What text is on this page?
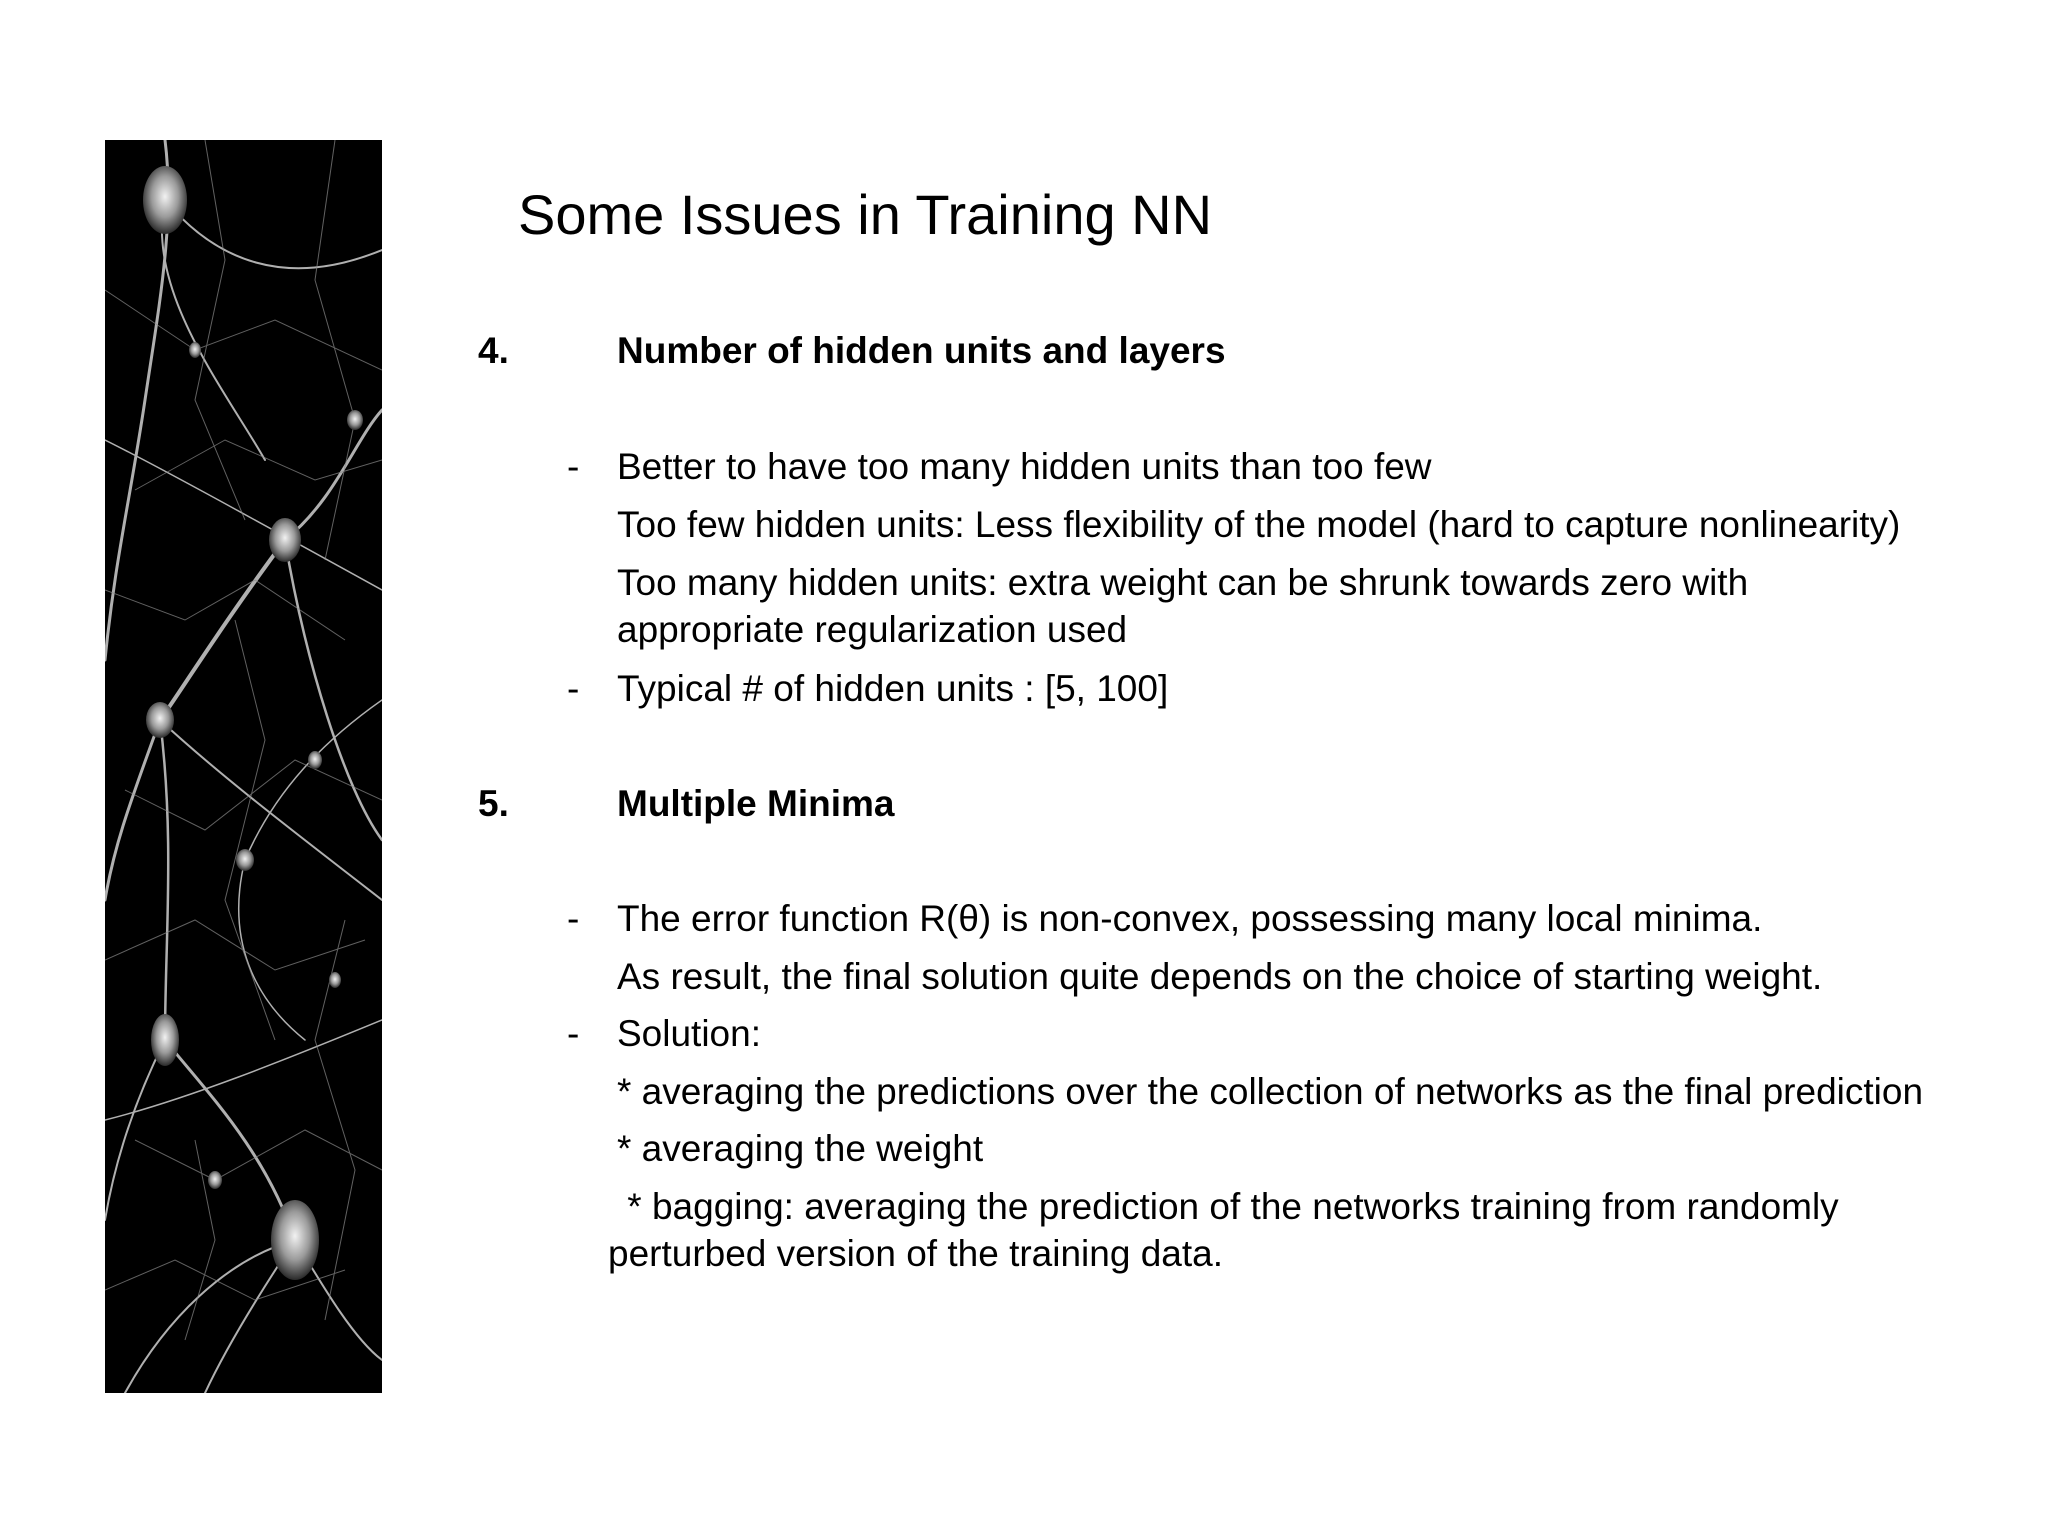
Some Issues in Training NN
4.	Number of hidden units and layers
- Better to have too many hidden units than too few
Too few hidden units: Less flexibility of the model (hard to capture nonlinearity)
Too many hidden units: extra weight can be shrunk towards zero with
appropriate regularization used
- Typical # of hidden units : [5, 100]
5.	Multiple Minima
- The error function R(θ) is non-convex, possessing many local minima.
As result, the final solution quite depends on the choice of starting weight.
- Solution:
* averaging the predictions over the collection of networks as the final prediction
* averaging the weight
* bagging: averaging the prediction of the networks training from randomly
perturbed version of the training data.
